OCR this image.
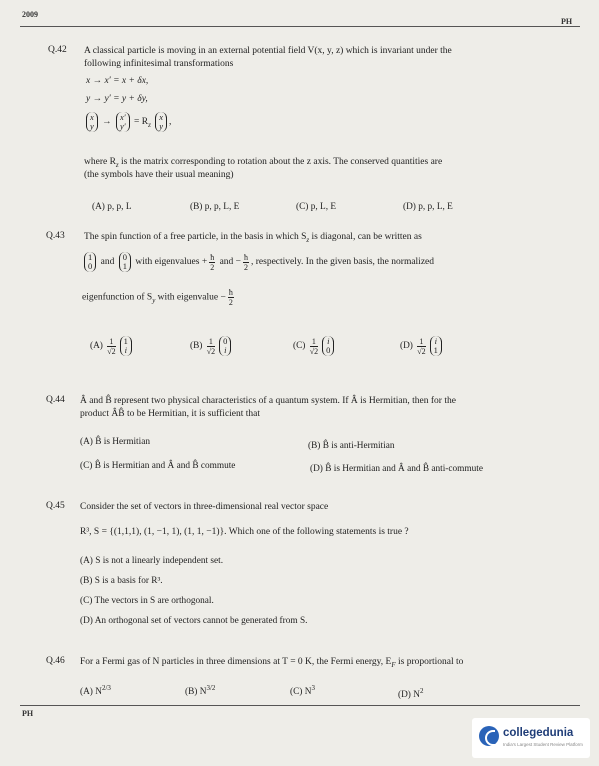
2009
PH
Q.42 A classical particle is moving in an external potential field V(x, y, z) which is invariant under the
following infinitesimal transformations
x → x′ = x + δx,
y → y′ = y + δy,
x
y → x′
$y' = R_z$ x
y ,
where $R_z$ is the matrix corresponding to rotation about the z axis. The conserved quantities are
(the symbols have their usual meaning)
(A) p, p, L	(B) p, p, L, E	(C) p, L, E	(D) p, p, L, E
Q.43 The spin function of a free particle, in the basis in which $S_z$ is diagonal, can be written as
1
0 and 0
1 with eigenvalues + $\frac{ħ}{2}$ and − $\frac{ħ}{2}$ , respectively. In the given basis, the normalized
eigenfunction of $S_y$ with eigenvalue − $\frac{ħ}{2}$
$(A) \frac{1}{√2} 1$
i	$(B) \frac{1}{√2} 0$
i	$(C) \frac{1}{√2}$ i
0	$(D) \frac{1}{√2}$ i
1
Q.44 Â and B̂ represent two physical characteristics of a quantum system. If Â is Hermitian, then for the
product ÂB̂ to be Hermitian, it is sufficient that
(A) B̂ is Hermitian	(B) B̂ is anti-Hermitian
(C) B̂ is Hermitian and Â and B̂ commute	(D) B̂ is Hermitian and Â and B̂ anti-commute
Q.45 Consider the set of vectors in three-dimensional real vector space
R³, S = {(1,1,1), (1, −1, 1), (1, 1, −1)}. Which one of the following statements is true ?
(A) S is not a linearly independent set.
(B) S is a basis for R³.
(C) The vectors in S are orthogonal.
(D) An orthogonal set of vectors cannot be generated from S.
Q.46 For a Fermi gas of N particles in three dimensions at T = 0 K, the Fermi energy, $E_F$ is proportional to
(A) $N^{2/3}$	(B) $N^{3/2}$	(C) $N^3$
(D) $N^2$
PH
collegedunia
India's Largest Student Review Platform
